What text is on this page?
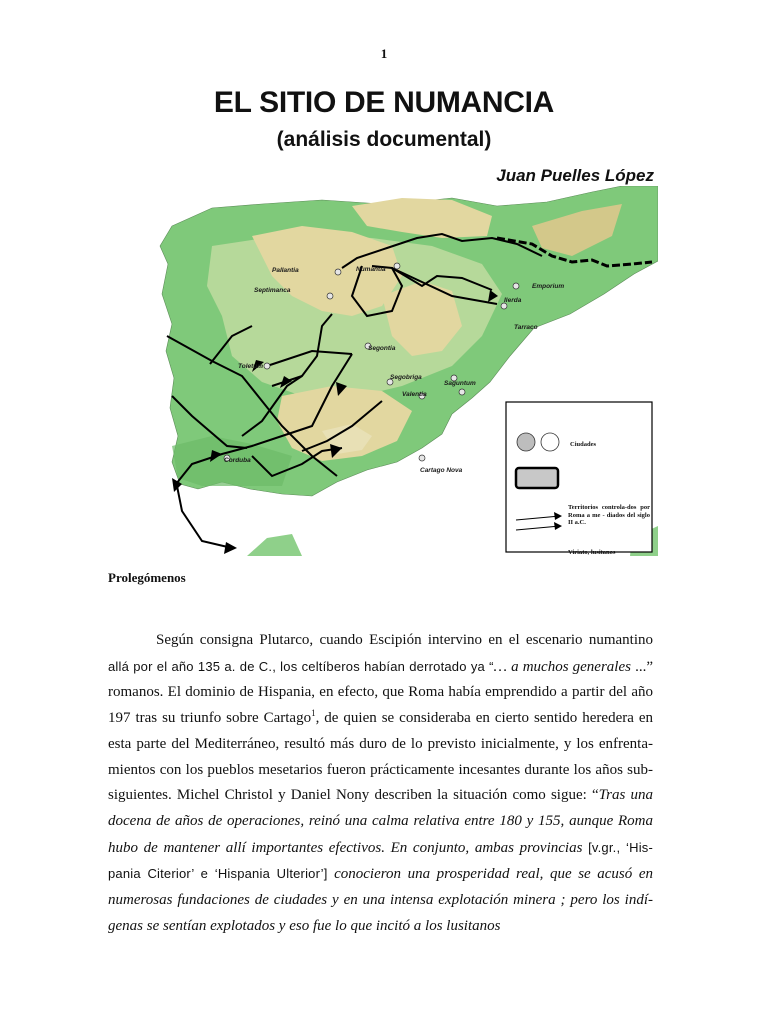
1
EL SITIO DE NUMANCIA
(análisis documental)
Juan Puelles López
Pallantia	Numantia
Septimanca
Emporium
Ilerda
Tarraco
Segontia
Toletum
Segobriga
Saguntum
Valentia
Corduba
Cartago Nova
Ciudades
Territorios controla-dos por Roma a me - diados del siglo II a.C.
Viriato, lusitanos
Prolegómenos

Según consigna Plutarco, cuando Escipión intervino en el escenario numantino allá por el año 135 a. de C., los celtíberos habían derrotado ya “… a muchos generales ...” romanos. El dominio de Hispania, en efecto, que Roma había emprendido a partir del año 197 tras su triunfo sobre Cartago$^1$, de quien se consideraba en cierto sentido heredera en esta parte del Mediterráneo, resultó más duro de lo previsto inicialmente, y los enfrenta-mientos con los pueblos mesetarios fueron prácticamente incesantes durante los años sub-siguientes. Michel Christol y Daniel Nony describen la situación como sigue: “Tras una docena de años de operaciones, reinó una calma relativa entre 180 y 155, aunque Roma hubo de mantener allí importantes efectivos. En conjunto, ambas provincias [v.gr., ‘His-pania Citerior’ e ‘Hispania Ulterior’] conocieron una prosperidad real, que se acusó en numerosas fundaciones de ciudades y en una intensa explotación minera ; pero los indí-genas se sentían explotados y eso fue lo que incitó a los lusitanos
